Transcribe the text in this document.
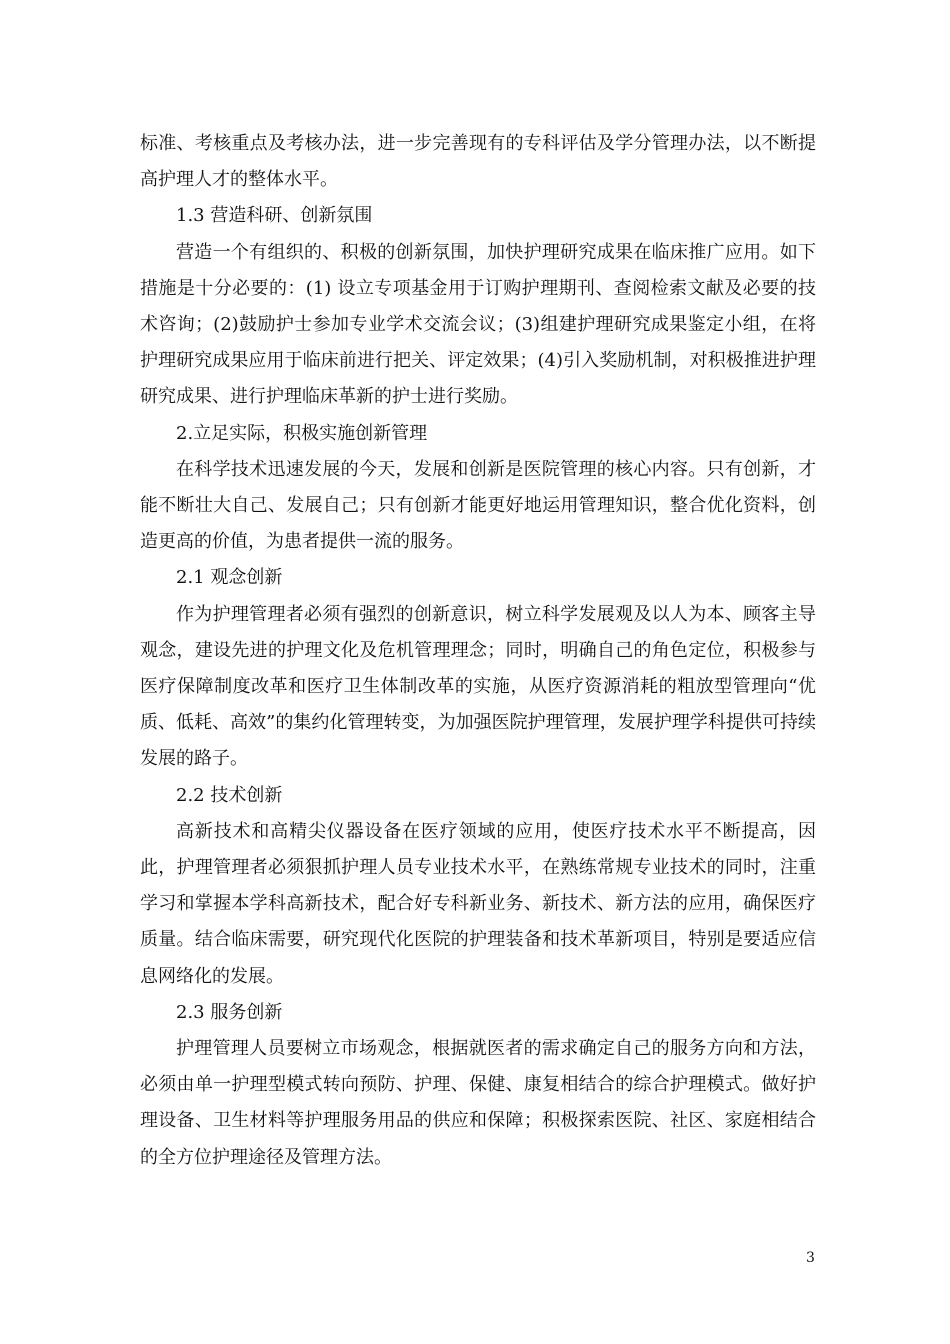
标准、考核重点及考核办法，进一步完善现有的专科评估及学分管理办法，以不断提高护理人才的整体水平。

1.3 营造科研、创新氛围

营造一个有组织的、积极的创新氛围，加快护理研究成果在临床推广应用。如下措施是十分必要的：(1) 设立专项基金用于订购护理期刊、查阅检索文献及必要的技术咨询；(2)鼓励护士参加专业学术交流会议；(3)组建护理研究成果鉴定小组，在将护理研究成果应用于临床前进行把关、评定效果；(4)引入奖励机制，对积极推进护理研究成果、进行护理临床革新的护士进行奖励。

2.立足实际，积极实施创新管理

在科学技术迅速发展的今天，发展和创新是医院管理的核心内容。只有创新，才能不断壮大自己、发展自己；只有创新才能更好地运用管理知识，整合优化资料，创造更高的价值，为患者提供一流的服务。

2.1 观念创新

作为护理管理者必须有强烈的创新意识，树立科学发展观及以人为本、顾客主导观念，建设先进的护理文化及危机管理理念；同时，明确自己的角色定位，积极参与医疗保障制度改革和医疗卫生体制改革的实施，从医疗资源消耗的粗放型管理向“优质、低耗、高效”的集约化管理转变，为加强医院护理管理，发展护理学科提供可持续发展的路子。

2.2 技术创新

高新技术和高精尖仪器设备在医疗领域的应用，使医疗技术水平不断提高，因此，护理管理者必须狠抓护理人员专业技术水平，在熟练常规专业技术的同时，注重学习和掌握本学科高新技术，配合好专科新业务、新技术、新方法的应用，确保医疗质量。结合临床需要，研究现代化医院的护理装备和技术革新项目，特别是要适应信息网络化的发展。

2.3 服务创新

护理管理人员要树立市场观念，根据就医者的需求确定自己的服务方向和方法，必须由单一护理型模式转向预防、护理、保健、康复相结合的综合护理模式。做好护理设备、卫生材料等护理服务用品的供应和保障；积极探索医院、社区、家庭相结合的全方位护理途径及管理方法。

3
